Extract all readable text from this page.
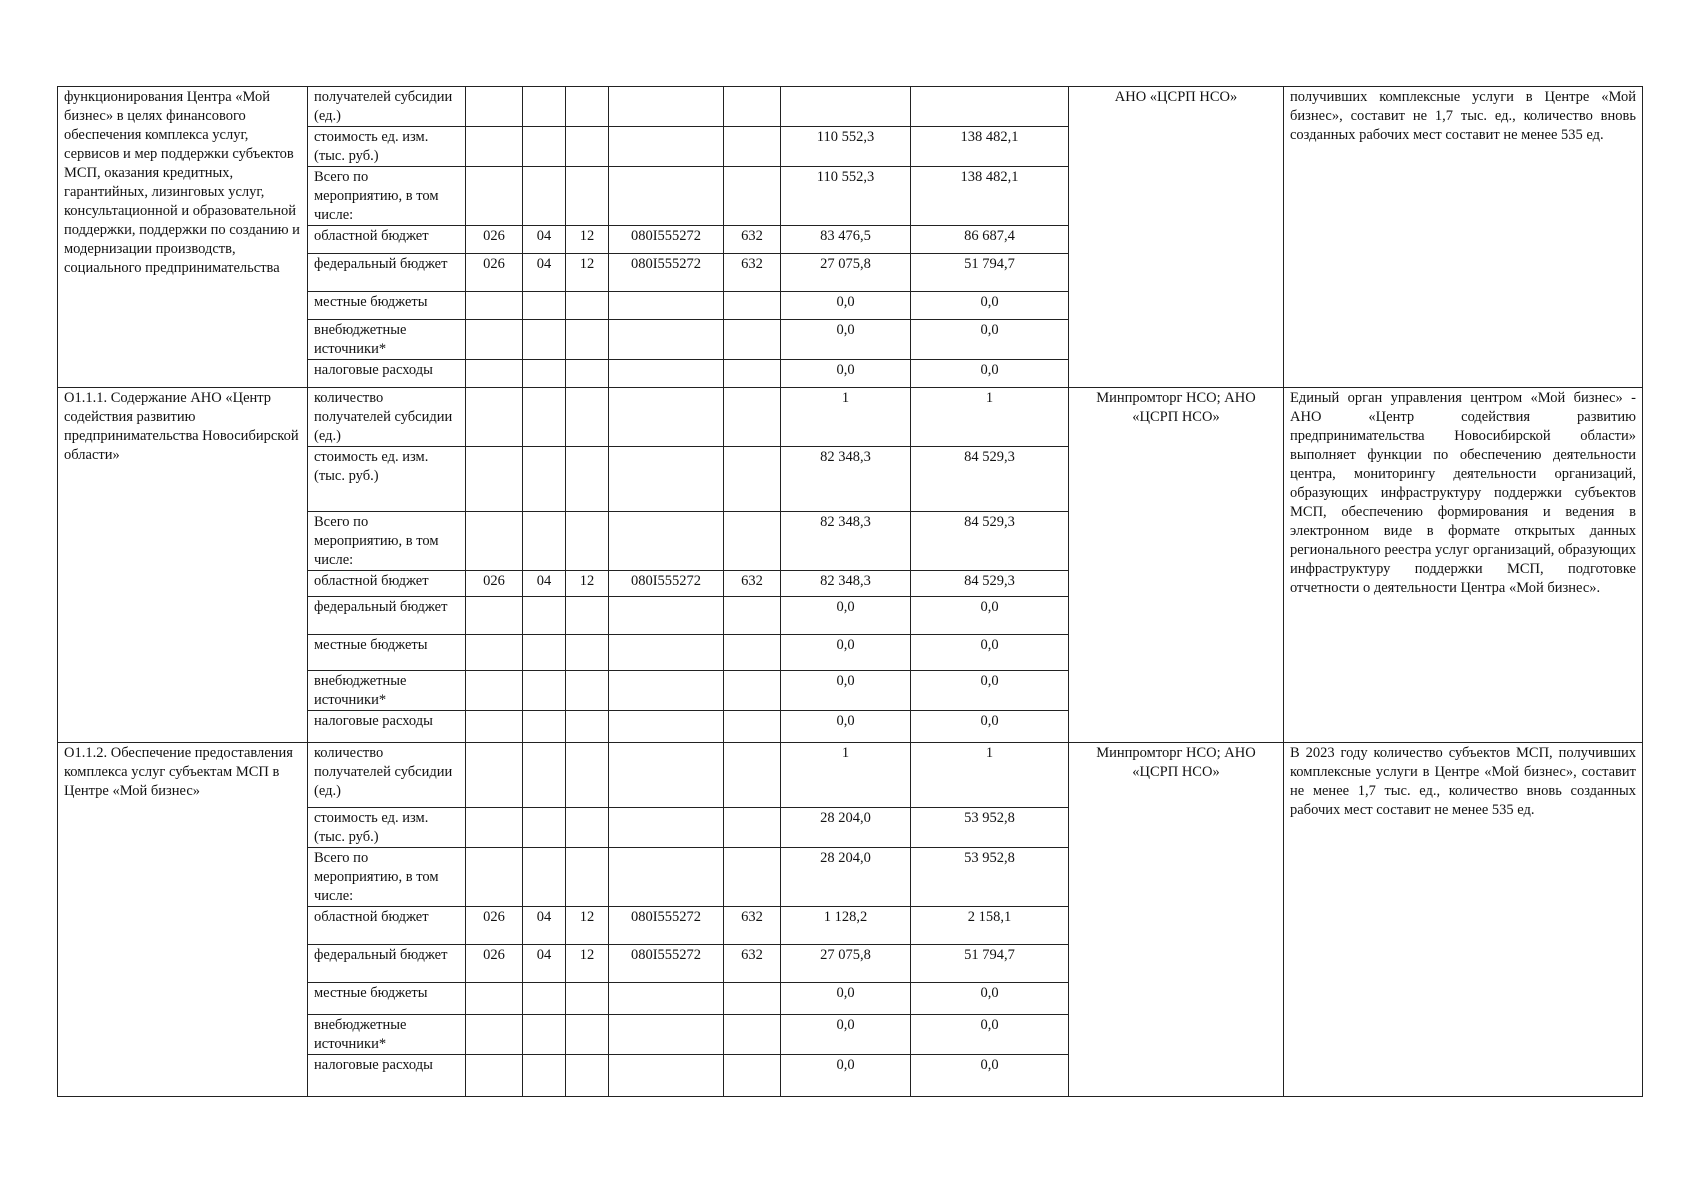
функционирования Центра «Мой бизнес» в целях финансового обеспечения комплекса услуг, сервисов и мер поддержки субъектов МСП, оказания кредитных, гарантийных, лизинговых услуг, консультационной и образовательной поддержки, поддержки по созданию и модернизации производств, социального предпринимательства	получателей субсидии (ед.)								АНО «ЦСРП НСО»	получивших комплексные услуги в Центре «Мой бизнес», составит не 1,7 тыс. ед., количество вновь созданных рабочих мест составит не менее 535 ед.
	стоимость ед. изм. (тыс. руб.)						110 552,3	138 482,1		
	Всего по мероприятию, в том числе:						110 552,3	138 482,1		
	областной бюджет	026	04	12	080I555272	632	83 476,5	86 687,4		
	федеральный бюджет	026	04	12	080I555272	632	27 075,8	51 794,7		
	местные бюджеты						0,0	0,0		
	внебюджетные источники*						0,0	0,0		
	налоговые расходы						0,0	0,0		
О1.1.1. Содержание АНО «Центр содействия развитию предпринимательства Новосибирской области»	количество получателей субсидии (ед.)						1	1	Минпромторг НСО; АНО «ЦСРП НСО»	Единый орган управления центром «Мой бизнес» - АНО «Центр содействия развитию предпринимательства Новосибирской области» выполняет функции по обеспечению деятельности центра, мониторингу деятельности организаций, образующих инфраструктуру поддержки субъектов МСП, обеспечению формирования и ведения в электронном виде в формате открытых данных регионального реестра услуг организаций, образующих инфраструктуру поддержки МСП, подготовке отчетности о деятельности Центра «Мой бизнес».
	стоимость ед. изм. (тыс. руб.)						82 348,3	84 529,3		
	Всего по мероприятию, в том числе:						82 348,3	84 529,3		
	областной бюджет	026	04	12	080I555272	632	82 348,3	84 529,3		
	федеральный бюджет						0,0	0,0		
	местные бюджеты						0,0	0,0		
	внебюджетные источники*						0,0	0,0		
	налоговые расходы						0,0	0,0		
О1.1.2. Обеспечение предоставления комплекса услуг субъектам МСП в Центре «Мой бизнес»	количество получателей субсидии (ед.)						1	1	Минпромторг НСО; АНО «ЦСРП НСО»	В 2023 году количество субъектов МСП, получивших комплексные услуги в Центре «Мой бизнес», составит не менее 1,7 тыс. ед., количество вновь созданных рабочих мест составит не менее 535 ед.
	стоимость ед. изм. (тыс. руб.)						28 204,0	53 952,8		
	Всего по мероприятию, в том числе:						28 204,0	53 952,8		
	областной бюджет	026	04	12	080I555272	632	1 128,2	2 158,1		
	федеральный бюджет	026	04	12	080I555272	632	27 075,8	51 794,7		
	местные бюджеты						0,0	0,0		
	внебюджетные источники*						0,0	0,0		
	налоговые расходы						0,0	0,0		
